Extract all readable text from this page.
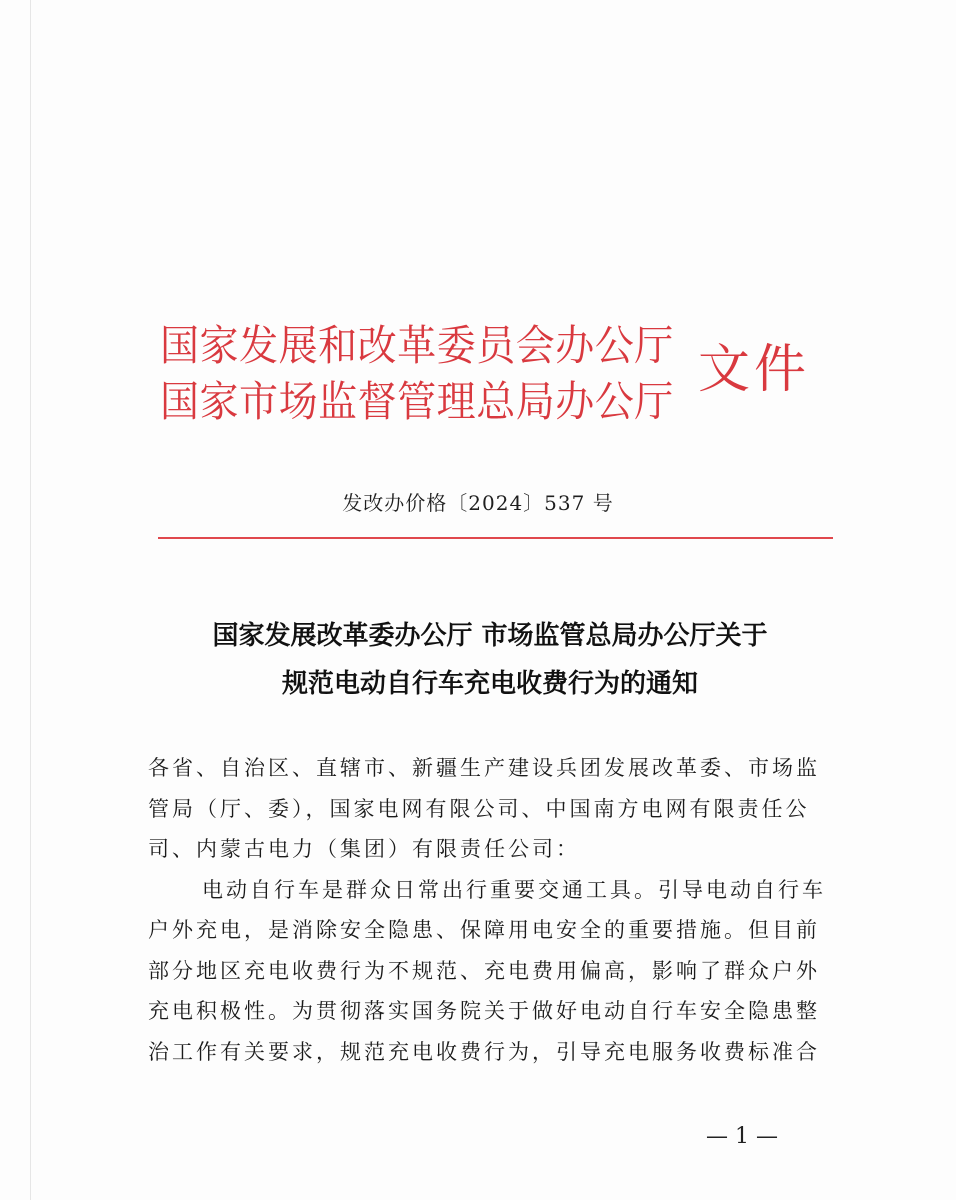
国家发展和改革委员会办公厅
国家市场监督管理总局办公厅
文件
发改办价格〔2024〕537 号
国家发展改革委办公厅 市场监管总局办公厅关于
规范电动自行车充电收费行为的通知
各省、自治区、直辖市、新疆生产建设兵团发展改革委、市场监
管局（厅、委），国家电网有限公司、中国南方电网有限责任公
司、内蒙古电力（集团）有限责任公司：
电动自行车是群众日常出行重要交通工具。引导电动自行车
户外充电，是消除安全隐患、保障用电安全的重要措施。但目前
部分地区充电收费行为不规范、充电费用偏高，影响了群众户外
充电积极性。为贯彻落实国务院关于做好电动自行车安全隐患整
治工作有关要求，规范充电收费行为，引导充电服务收费标准合
— 1 —
